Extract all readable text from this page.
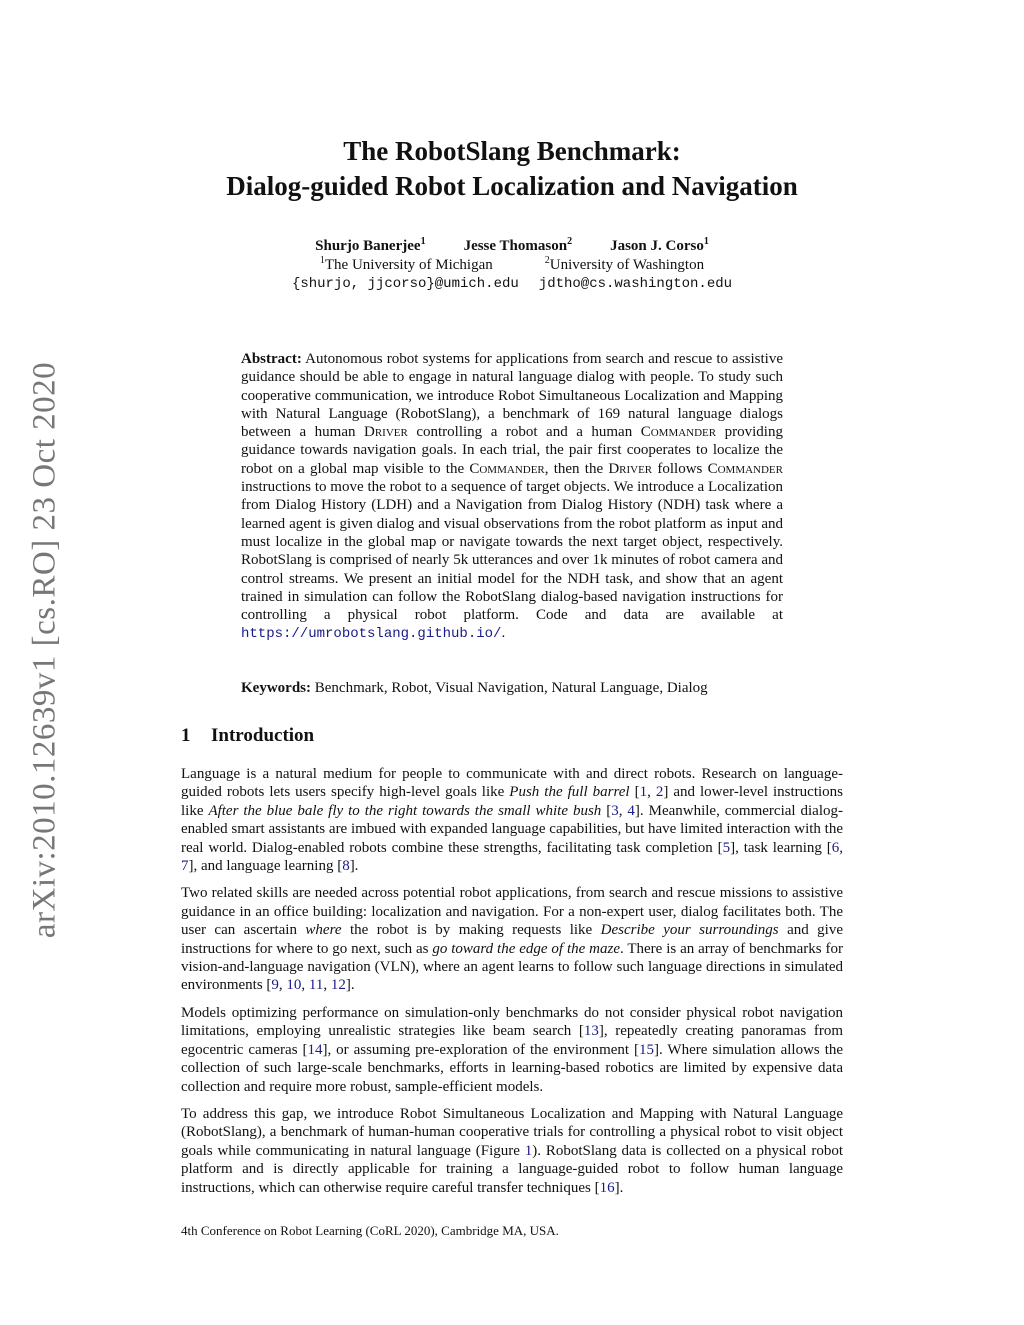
arXiv:2010.12639v1 [cs.RO] 23 Oct 2020
The RobotSlang Benchmark:
Dialog-guided Robot Localization and Navigation
Shurjo Banerjee$^1$	Jesse Thomason$^2$	Jason J. Corso$^1$
$^1$The University of Michigan	$^2$University of Washington
{shurjo, jjcorso}@umich.edu jdtho@cs.washington.edu
Abstract: Autonomous robot systems for applications from search and rescue to assistive guidance should be able to engage in natural language dialog with people. To study such cooperative communication, we introduce Robot Simultaneous Localization and Mapping with Natural Language (RobotSlang), a benchmark of 169 natural language dialogs between a human Driver controlling a robot and a human Commander providing guidance towards navigation goals. In each trial, the pair first cooperates to localize the robot on a global map visible to the Commander, then the Driver follows Commander instructions to move the robot to a sequence of target objects. We introduce a Localization from Dialog History (LDH) and a Navigation from Dialog History (NDH) task where a learned agent is given dialog and visual observations from the robot platform as input and must localize in the global map or navigate towards the next target object, respectively. RobotSlang is comprised of nearly 5k utterances and over 1k minutes of robot camera and control streams. We present an initial model for the NDH task, and show that an agent trained in simulation can follow the RobotSlang dialog-based navigation instructions for controlling a physical robot platform. Code and data are available at https://umrobotslang.github.io/.
Keywords: Benchmark, Robot, Visual Navigation, Natural Language, Dialog
1 Introduction

Language is a natural medium for people to communicate with and direct robots. Research on language-guided robots lets users specify high-level goals like Push the full barrel [1, 2] and lower-level instructions like After the blue bale fly to the right towards the small white bush [3, 4]. Meanwhile, commercial dialog-enabled smart assistants are imbued with expanded language capabilities, but have limited interaction with the real world. Dialog-enabled robots combine these strengths, facilitating task completion [5], task learning [6, 7], and language learning [8].

Two related skills are needed across potential robot applications, from search and rescue missions to assistive guidance in an office building: localization and navigation. For a non-expert user, dialog facilitates both. The user can ascertain where the robot is by making requests like Describe your surroundings and give instructions for where to go next, such as go toward the edge of the maze. There is an array of benchmarks for vision-and-language navigation (VLN), where an agent learns to follow such language directions in simulated environments [9, 10, 11, 12].

Models optimizing performance on simulation-only benchmarks do not consider physical robot navigation limitations, employing unrealistic strategies like beam search [13], repeatedly creating panoramas from egocentric cameras [14], or assuming pre-exploration of the environment [15]. Where simulation allows the collection of such large-scale benchmarks, efforts in learning-based robotics are limited by expensive data collection and require more robust, sample-efficient models.

To address this gap, we introduce Robot Simultaneous Localization and Mapping with Natural Language (RobotSlang), a benchmark of human-human cooperative trials for controlling a physical robot to visit object goals while communicating in natural language (Figure 1). RobotSlang data is collected on a physical robot platform and is directly applicable for training a language-guided robot to follow human language instructions, which can otherwise require careful transfer techniques [16].

4th Conference on Robot Learning (CoRL 2020), Cambridge MA, USA.
